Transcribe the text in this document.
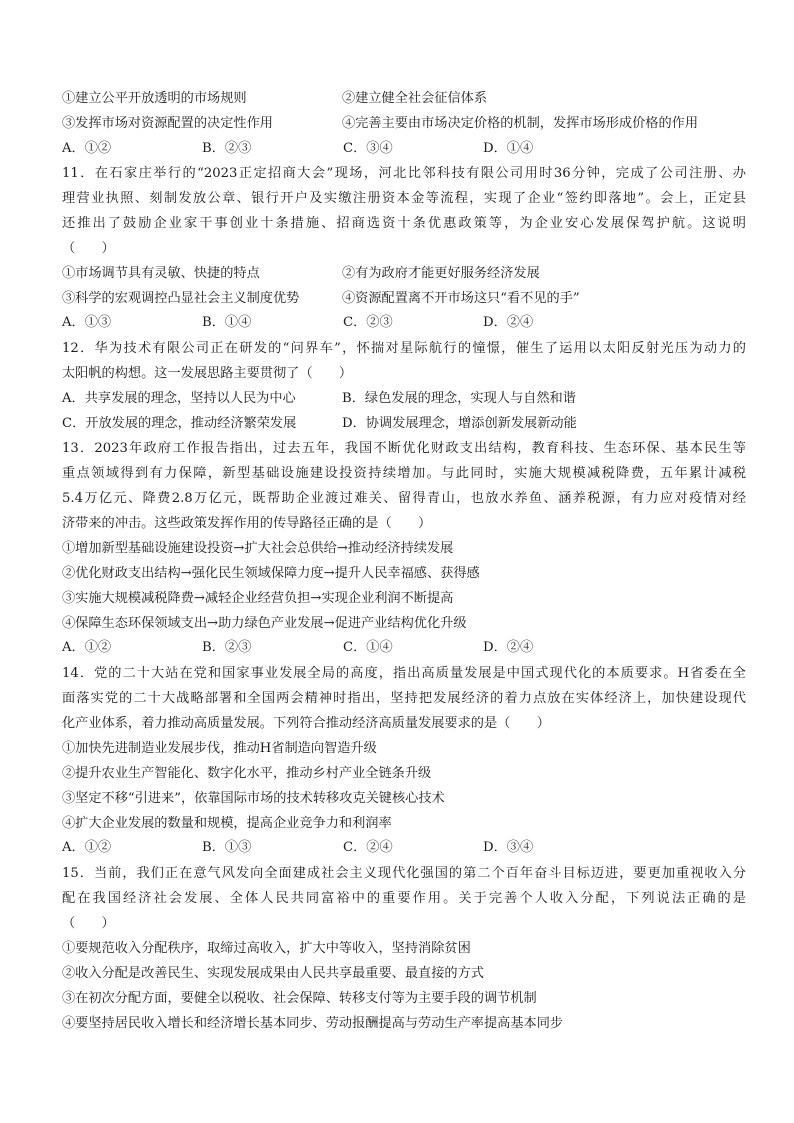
①建立公平开放透明的市场规则	②建立健全社会征信体系
③发挥市场对资源配置的决定性作用	④完善主要由市场决定价格的机制，发挥市场形成价格的作用
A．①②	B．②③	C．③④	D．①④
11．在石家庄举行的“2023正定招商大会”现场，河北比邻科技有限公司用时36分钟，完成了公司注册、办
理营业执照、刻制发放公章、银行开户及实缴注册资本金等流程，实现了企业“签约即落地”。会上，正定县
还推出了鼓励企业家干事创业十条措施、招商选资十条优惠政策等，为企业安心发展保驾护航。这说明
（　　）
①市场调节具有灵敏、快捷的特点	②有为政府才能更好服务经济发展
③科学的宏观调控凸显社会主义制度优势	④资源配置离不开市场这只“看不见的手”
A．①③	B．①④	C．②③	D．②④
12．华为技术有限公司正在研发的“问界车”，怀揣对星际航行的憧憬，催生了运用以太阳反射光压为动力的
太阳帆的构想。这一发展思路主要贯彻了（　　）
A．共享发展的理念，坚持以人民为中心	B．绿色发展的理念，实现人与自然和谐
C．开放发展的理念，推动经济繁荣发展	D．协调发展理念，增添创新发展新动能
13．2023年政府工作报告指出，过去五年，我国不断优化财政支出结构，教育科技、生态环保、基本民生等
重点领域得到有力保障，新型基础设施建设投资持续增加。与此同时，实施大规模减税降费，五年累计减税
5.4万亿元、降费2.8万亿元，既帮助企业渡过难关、留得青山，也放水养鱼、涵养税源，有力应对疫情对经
济带来的冲击。这些政策发挥作用的传导路径正确的是（　　）
①增加新型基础设施建设投资→扩大社会总供给→推动经济持续发展
②优化财政支出结构→强化民生领域保障力度→提升人民幸福感、获得感
③实施大规模减税降费→减轻企业经营负担→实现企业利润不断提高
④保障生态环保领域支出→助力绿色产业发展→促进产业结构优化升级
A．①②	B．②③	C．①④	D．②④
14．党的二十大站在党和国家事业发展全局的高度，指出高质量发展是中国式现代化的本质要求。H省委在全
面落实党的二十大战略部署和全国两会精神时指出，坚持把发展经济的着力点放在实体经济上，加快建设现代
化产业体系，着力推动高质量发展。下列符合推动经济高质量发展要求的是（　　）
①加快先进制造业发展步伐，推动H省制造向智造升级
②提升农业生产智能化、数字化水平，推动乡村产业全链条升级
③坚定不移“引进来”，依靠国际市场的技术转移攻克关键核心技术
④扩大企业发展的数量和规模，提高企业竞争力和利润率
A．①②	B．①③	C．②④	D．③④
15．当前，我们正在意气风发向全面建成社会主义现代化强国的第二个百年奋斗目标迈进，要更加重视收入分
配在我国经济社会发展、全体人民共同富裕中的重要作用。关于完善个人收入分配，下列说法正确的是
（　　）
①要规范收入分配秩序，取缔过高收入，扩大中等收入，坚持消除贫困
②收入分配是改善民生、实现发展成果由人民共享最重要、最直接的方式
③在初次分配方面，要健全以税收、社会保障、转移支付等为主要手段的调节机制
④要坚持居民收入增长和经济增长基本同步、劳动报酬提高与劳动生产率提高基本同步
